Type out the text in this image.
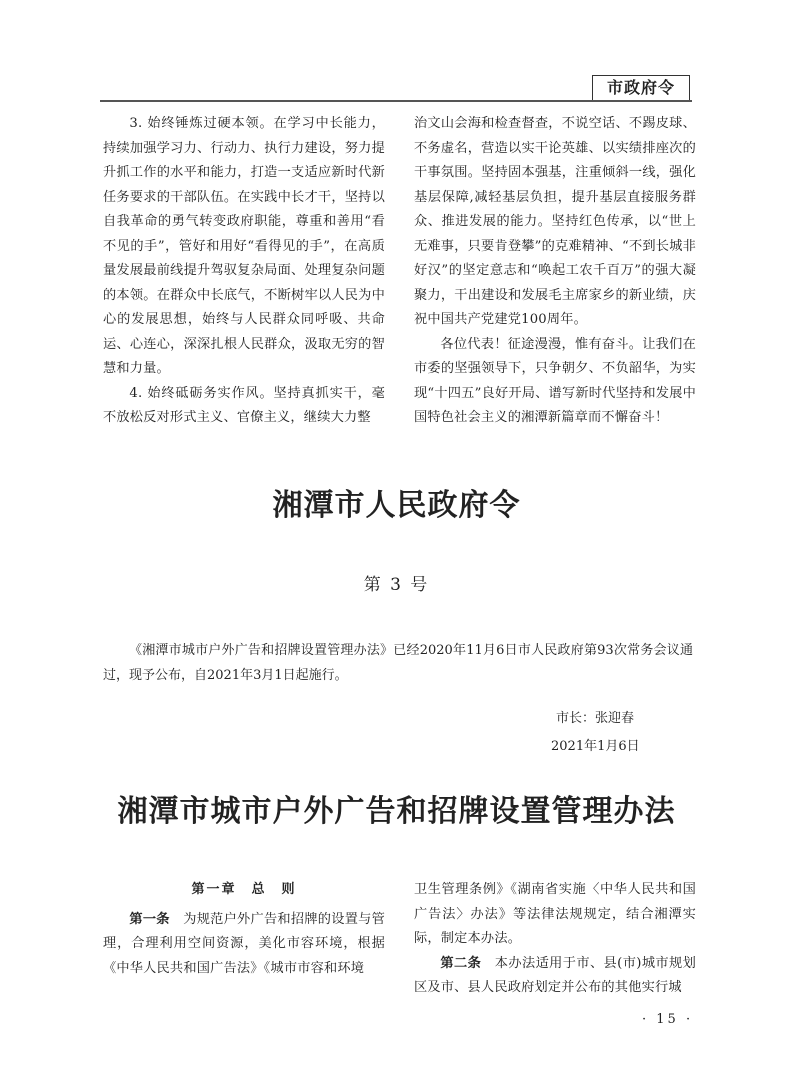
市政府令

3. 始终锤炼过硬本领。在学习中长能力，持续加强学习力、行动力、执行力建设，努力提升抓工作的水平和能力，打造一支适应新时代新任务要求的干部队伍。在实践中长才干，坚持以自我革命的勇气转变政府职能，尊重和善用“看不见的手”，管好和用好“看得见的手”，在高质量发展最前线提升驾驭复杂局面、处理复杂问题的本领。在群众中长底气，不断树牢以人民为中心的发展思想，始终与人民群众同呼吸、共命运、心连心，深深扎根人民群众，汲取无穷的智慧和力量。

4. 始终砥砺务实作风。坚持真抓实干，毫不放松反对形式主义、官僚主义，继续大力整

治文山会海和检查督查，不说空话、不踢皮球、不务虚名，营造以实干论英雄、以实绩排座次的干事氛围。坚持固本强基，注重倾斜一线，强化基层保障,减轻基层负担，提升基层直接服务群众、推进发展的能力。坚持红色传承，以“世上无难事，只要肯登攀”的克难精神、“不到长城非好汉”的坚定意志和“唤起工农千百万”的强大凝聚力，干出建设和发展毛主席家乡的新业绩，庆祝中国共产党建党100周年。

各位代表！征途漫漫，惟有奋斗。让我们在市委的坚强领导下，只争朝夕、不负韶华，为实现“十四五”良好开局、谱写新时代坚持和发展中国特色社会主义的湘潭新篇章而不懈奋斗！

湘潭市人民政府令
第 3 号

《湘潭市城市户外广告和招牌设置管理办法》已经2020年11月6日市人民政府第93次常务会议通过，现予公布，自2021年3月1日起施行。

市长：张迎春
2021年1月6日
湘潭市城市户外广告和招牌设置管理办法

第一章　总　则

第一条　 为规范户外广告和招牌的设置与管理，合理利用空间资源，美化市容环境，根据《中华人民共和国广告法》《城市市容和环境

卫生管理条例》《湖南省实施〈中华人民共和国广告法〉办法》等法律法规规定，结合湘潭实际，制定本办法。

第二条　 本办法适用于市、县(市)城市规划区及市、县人民政府划定并公布的其他实行城

· 15 ·
